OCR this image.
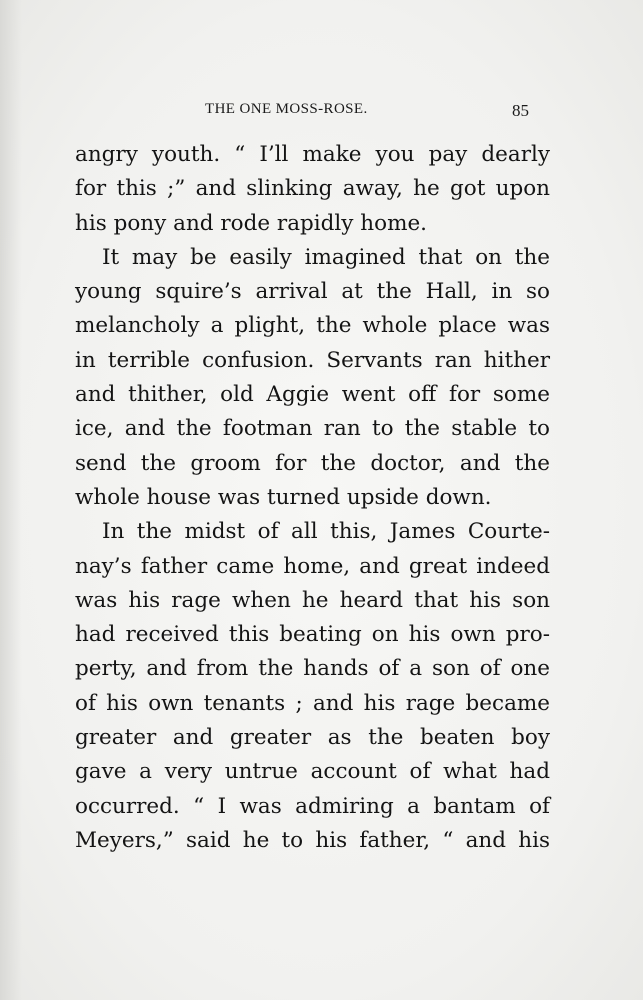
THE ONE MOSS-ROSE.	85
angry youth. “ I’ll make you pay dearly
for this ;” and slinking away, he got upon
his pony and rode rapidly home.
It may be easily imagined that on the
young squire’s arrival at the Hall, in so
melancholy a plight, the whole place was
in terrible confusion. Servants ran hither
and thither, old Aggie went off for some
ice, and the footman ran to the stable to
send the groom for the doctor, and the
whole house was turned upside down.
In the midst of all this, James Courte-
nay’s father came home, and great indeed
was his rage when he heard that his son
had received this beating on his own pro-
perty, and from the hands of a son of one
of his own tenants ; and his rage became
greater and greater as the beaten boy
gave a very untrue account of what had
occurred. “ I was admiring a bantam of
Meyers,” said he to his father, “ and his
